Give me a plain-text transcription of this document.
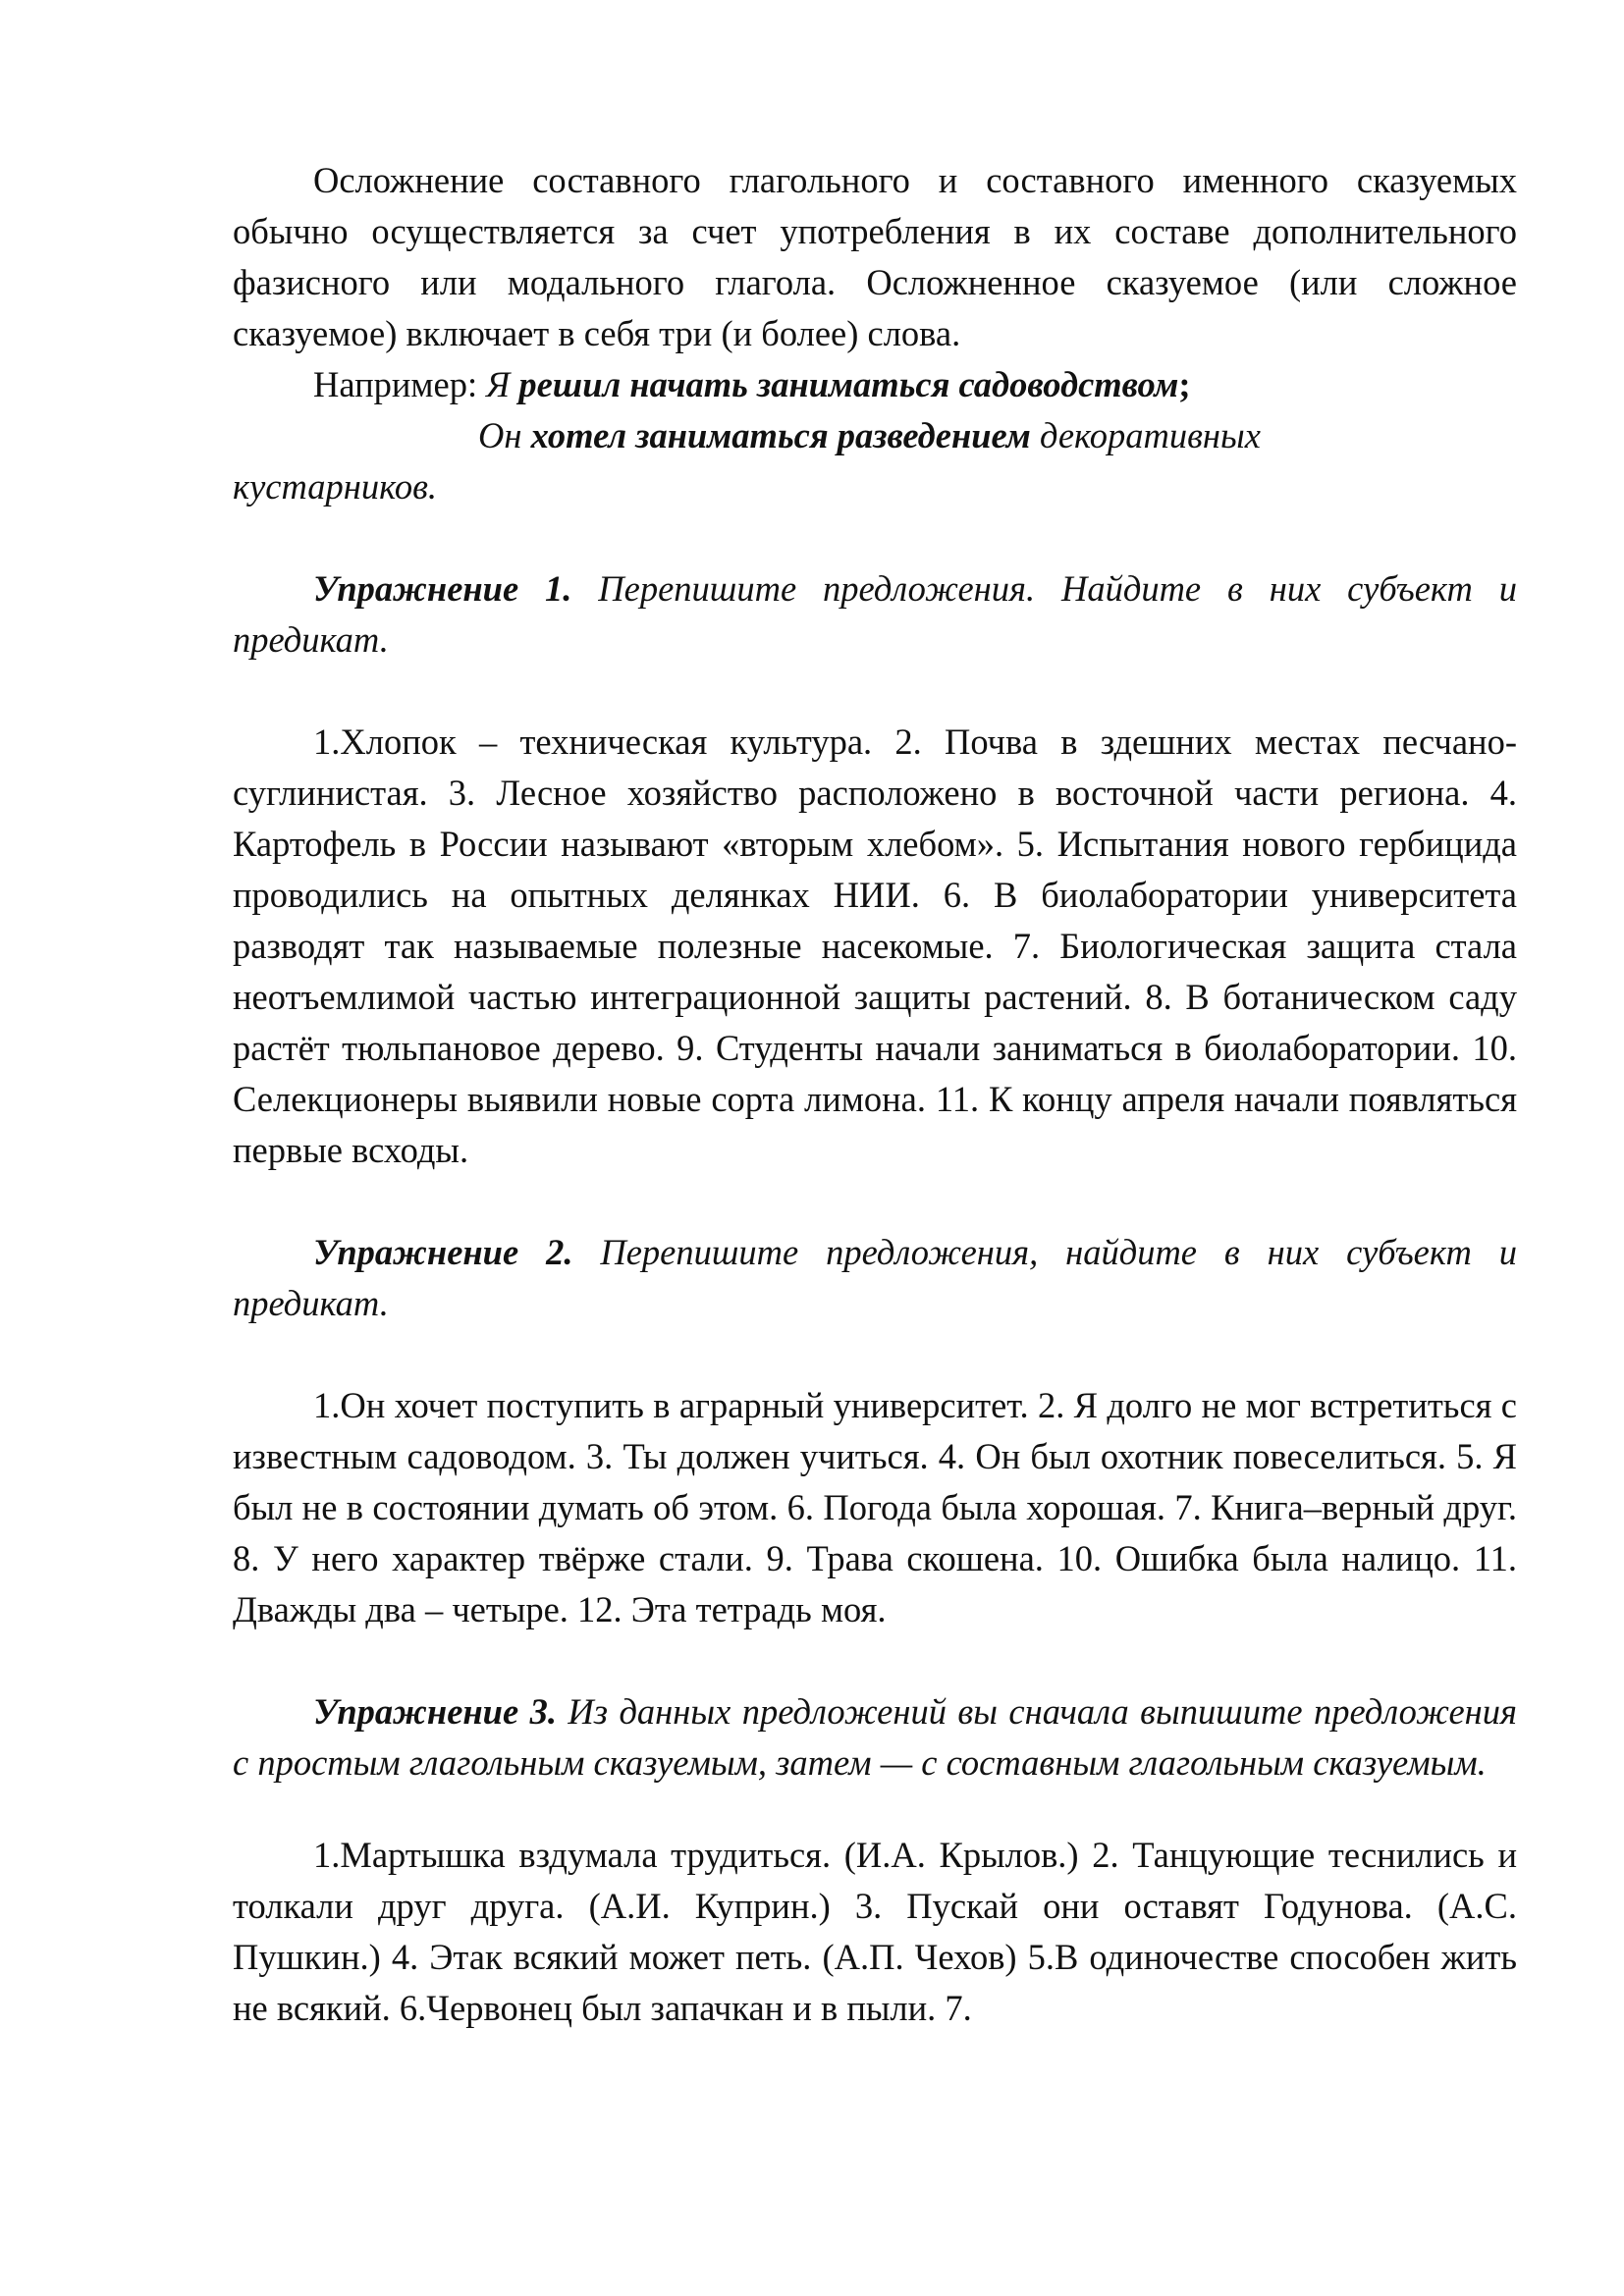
Осложнение составного глагольного и составного именного сказуемых обычно осуществляется за счет употребления в их составе дополнительного фазисного или модального глагола. Осложненное сказуемое (или сложное сказуемое) включает в себя три (и более) слова.

Например: Я решил начать заниматься садоводством;

Он хотел заниматься разведением декоративных

кустарников.

Упражнение 1. Перепишите предложения. Найдите в них субъект и предикат.

1.Хлопок – техническая культура. 2. Почва в здешних местах песчано-суглинистая. 3. Лесное хозяйство расположено в восточной части региона. 4. Картофель в России называют «вторым хлебом». 5. Испытания нового гербицида проводились на опытных делянках НИИ. 6. В биолаборатории университета разводят так называемые полезные насекомые. 7. Биологическая защита стала неотъемлимой частью интеграционной защиты растений. 8. В ботаническом саду растёт тюльпановое дерево. 9. Студенты начали заниматься в биолаборатории. 10. Селекционеры выявили новые сорта лимона. 11. К концу апреля начали появляться первые всходы.

Упражнение 2. Перепишите предложения, найдите в них субъект и предикат.

1.Он хочет поступить в аграрный университет. 2. Я долго не мог встретиться с известным садоводом. 3. Ты должен учиться. 4. Он был охотник повеселиться. 5. Я был не в состоянии думать об этом. 6. Погода была хорошая. 7. Книга–верный друг. 8. У него характер твёрже стали. 9. Трава скошена. 10. Ошибка была налицо. 11. Дважды два – четыре. 12. Эта тетрадь моя.

Упражнение 3. Из данных предложений вы сначала выпишите предложения с простым глагольным сказуемым, затем — с составным глагольным сказуемым.

1.Мартышка вздумала трудиться. (И.А. Крылов.) 2. Танцующие теснились и толкали друг друга. (А.И. Куприн.) 3. Пускай они оставят Годунова. (А.С. Пушкин.) 4. Этак всякий может петь. (А.П. Чехов) 5.В одиночестве способен жить не всякий. 6.Червонец был запачкан и в пыли. 7.
